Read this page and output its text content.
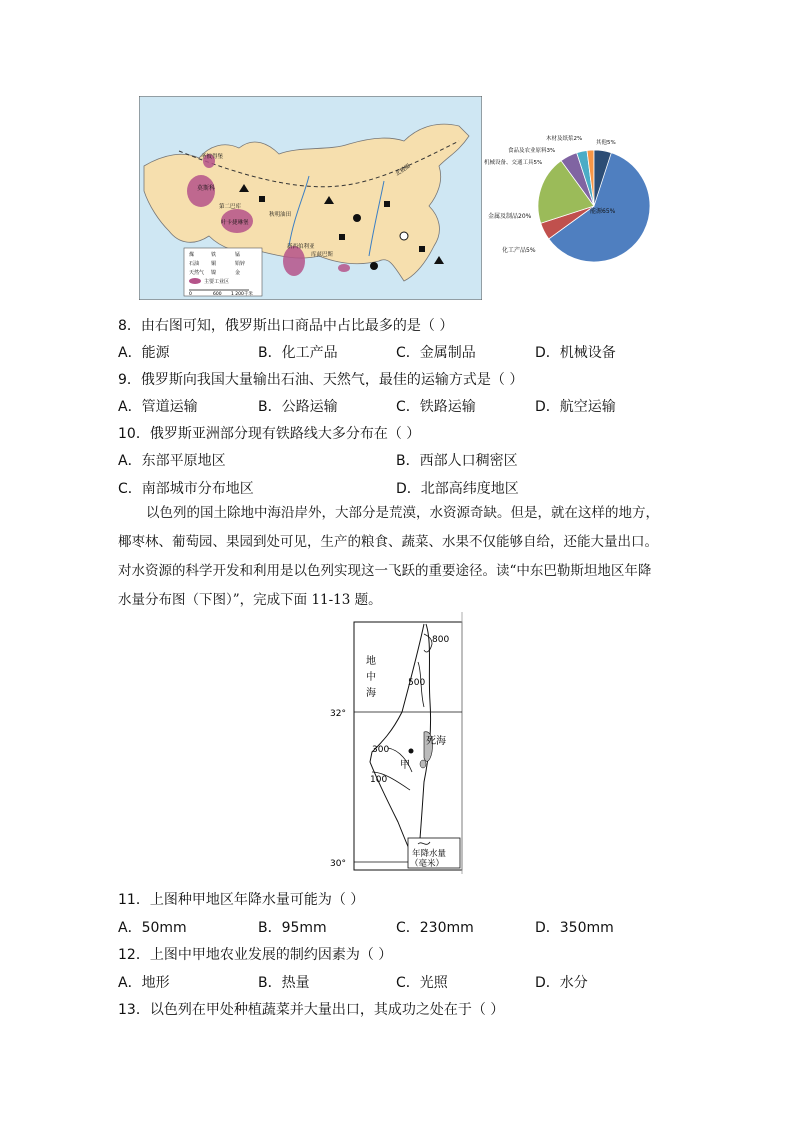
莫斯科
圣彼得堡
第二巴库
叶卡捷琳堡
秋明油田
新西伯利亚
库兹巴斯
北极圈
煤	铁	锰
石油 铜	铅锌
天然气 镍	金
主要工业区
0	600 1 200千米
能源65%
化工产品5%
金属及制品20%
机械设备、交通工具5%
食品及农业原料3%
木材及纸浆2%
其他5%
8．由右图可知，俄罗斯出口商品中占比最多的是（ ）
A．能源	B．化工产品	C．金属制品	D．机械设备
9．俄罗斯向我国大量输出石油、天然气，最佳的运输方式是（ ）
A．管道运输	B．公路运输	C．铁路运输	D．航空运输
10．俄罗斯亚洲部分现有铁路线大多分布在（ ）
A．东部平原地区	B．西部人口稠密区
C．南部城市分布地区	D．北部高纬度地区
以色列的国土除地中海沿岸外，大部分是荒漠，水资源奇缺。但是，就在这样的地方，
椰枣林、葡萄园、果园到处可见，生产的粮食、蔬菜、水果不仅能够自给，还能大量出口。
对水资源的科学开发和利用是以色列实现这一飞跃的重要途径。读“中东巴勒斯坦地区年降
水量分布图（下图）”，完成下面 11-13 题。
32°
30°
地
中
海
800
500
300
100
死海
甲
年降水量
（毫米）
11．上图种甲地区年降水量可能为（ ）
A．50mm	B．95mm	C．230mm	D．350mm
12．上图中甲地农业发展的制约因素为（ ）
A．地形	B．热量	C．光照	D．水分
13．以色列在甲处种植蔬菜并大量出口，其成功之处在于（ ）
